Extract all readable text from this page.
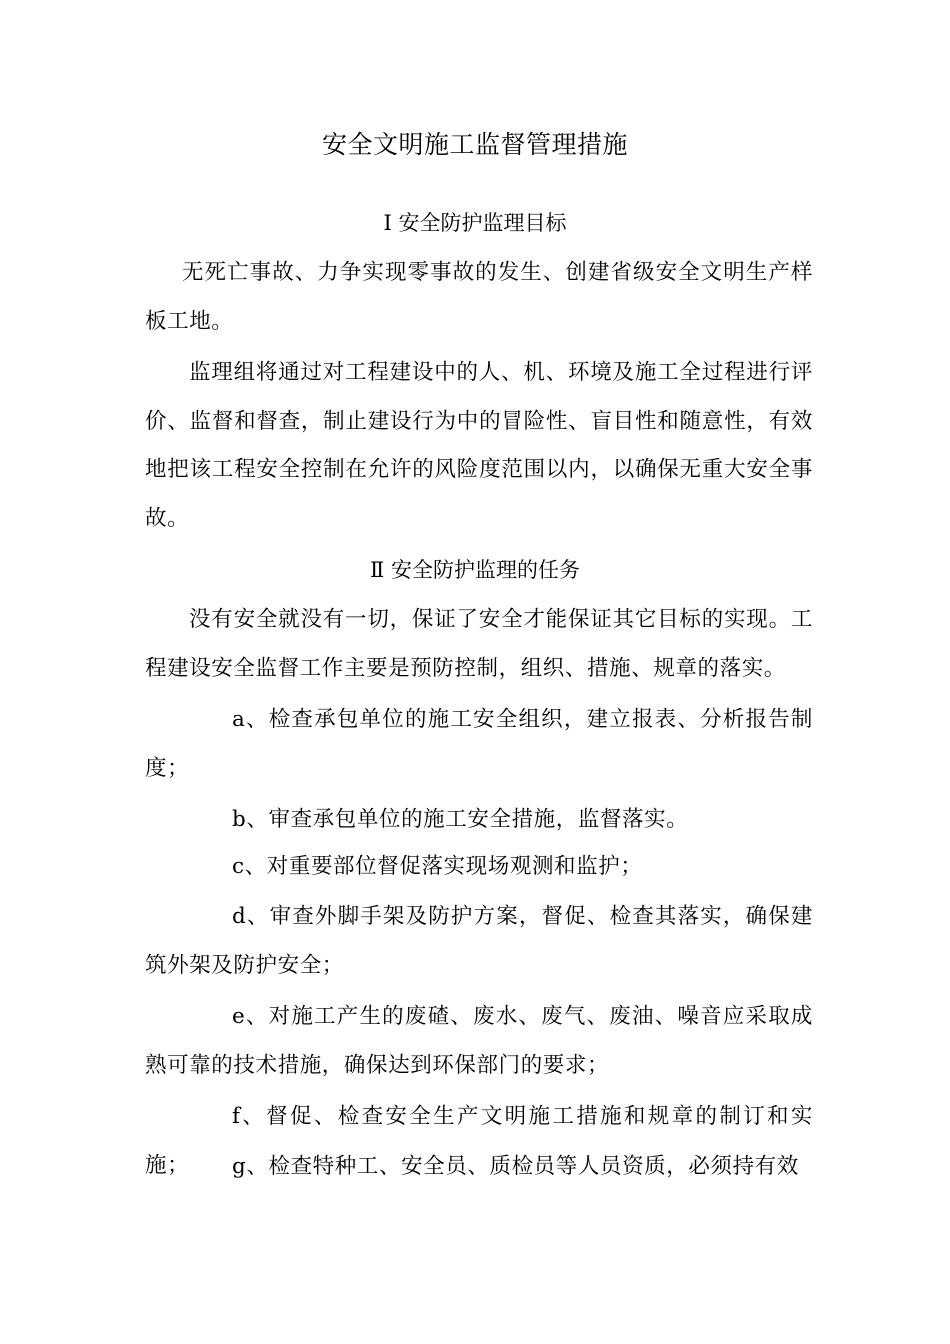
安全文明施工监督管理措施
Ⅰ 安全防护监理目标
无死亡事故、力争实现零事故的发生、创建省级安全文明生产样板工地。
监理组将通过对工程建设中的人、机、环境及施工全过程进行评价、监督和督查，制止建设行为中的冒险性、盲目性和随意性，有效地把该工程安全控制在允许的风险度范围以内，以确保无重大安全事故。
Ⅱ 安全防护监理的任务
没有安全就没有一切，保证了安全才能保证其它目标的实现。工程建设安全监督工作主要是预防控制，组织、措施、规章的落实。
a、检查承包单位的施工安全组织，建立报表、分析报告制度；
b、审查承包单位的施工安全措施，监督落实。
c、对重要部位督促落实现场观测和监护；
d、审查外脚手架及防护方案，督促、检查其落实，确保建筑外架及防护安全；
e、对施工产生的废碴、废水、废气、废油、噪音应采取成熟可靠的技术措施，确保达到环保部门的要求；
f、督促、检查安全生产文明施工措施和规章的制订和实施；	g、检查特种工、安全员、质检员等人员资质，必须持有效
